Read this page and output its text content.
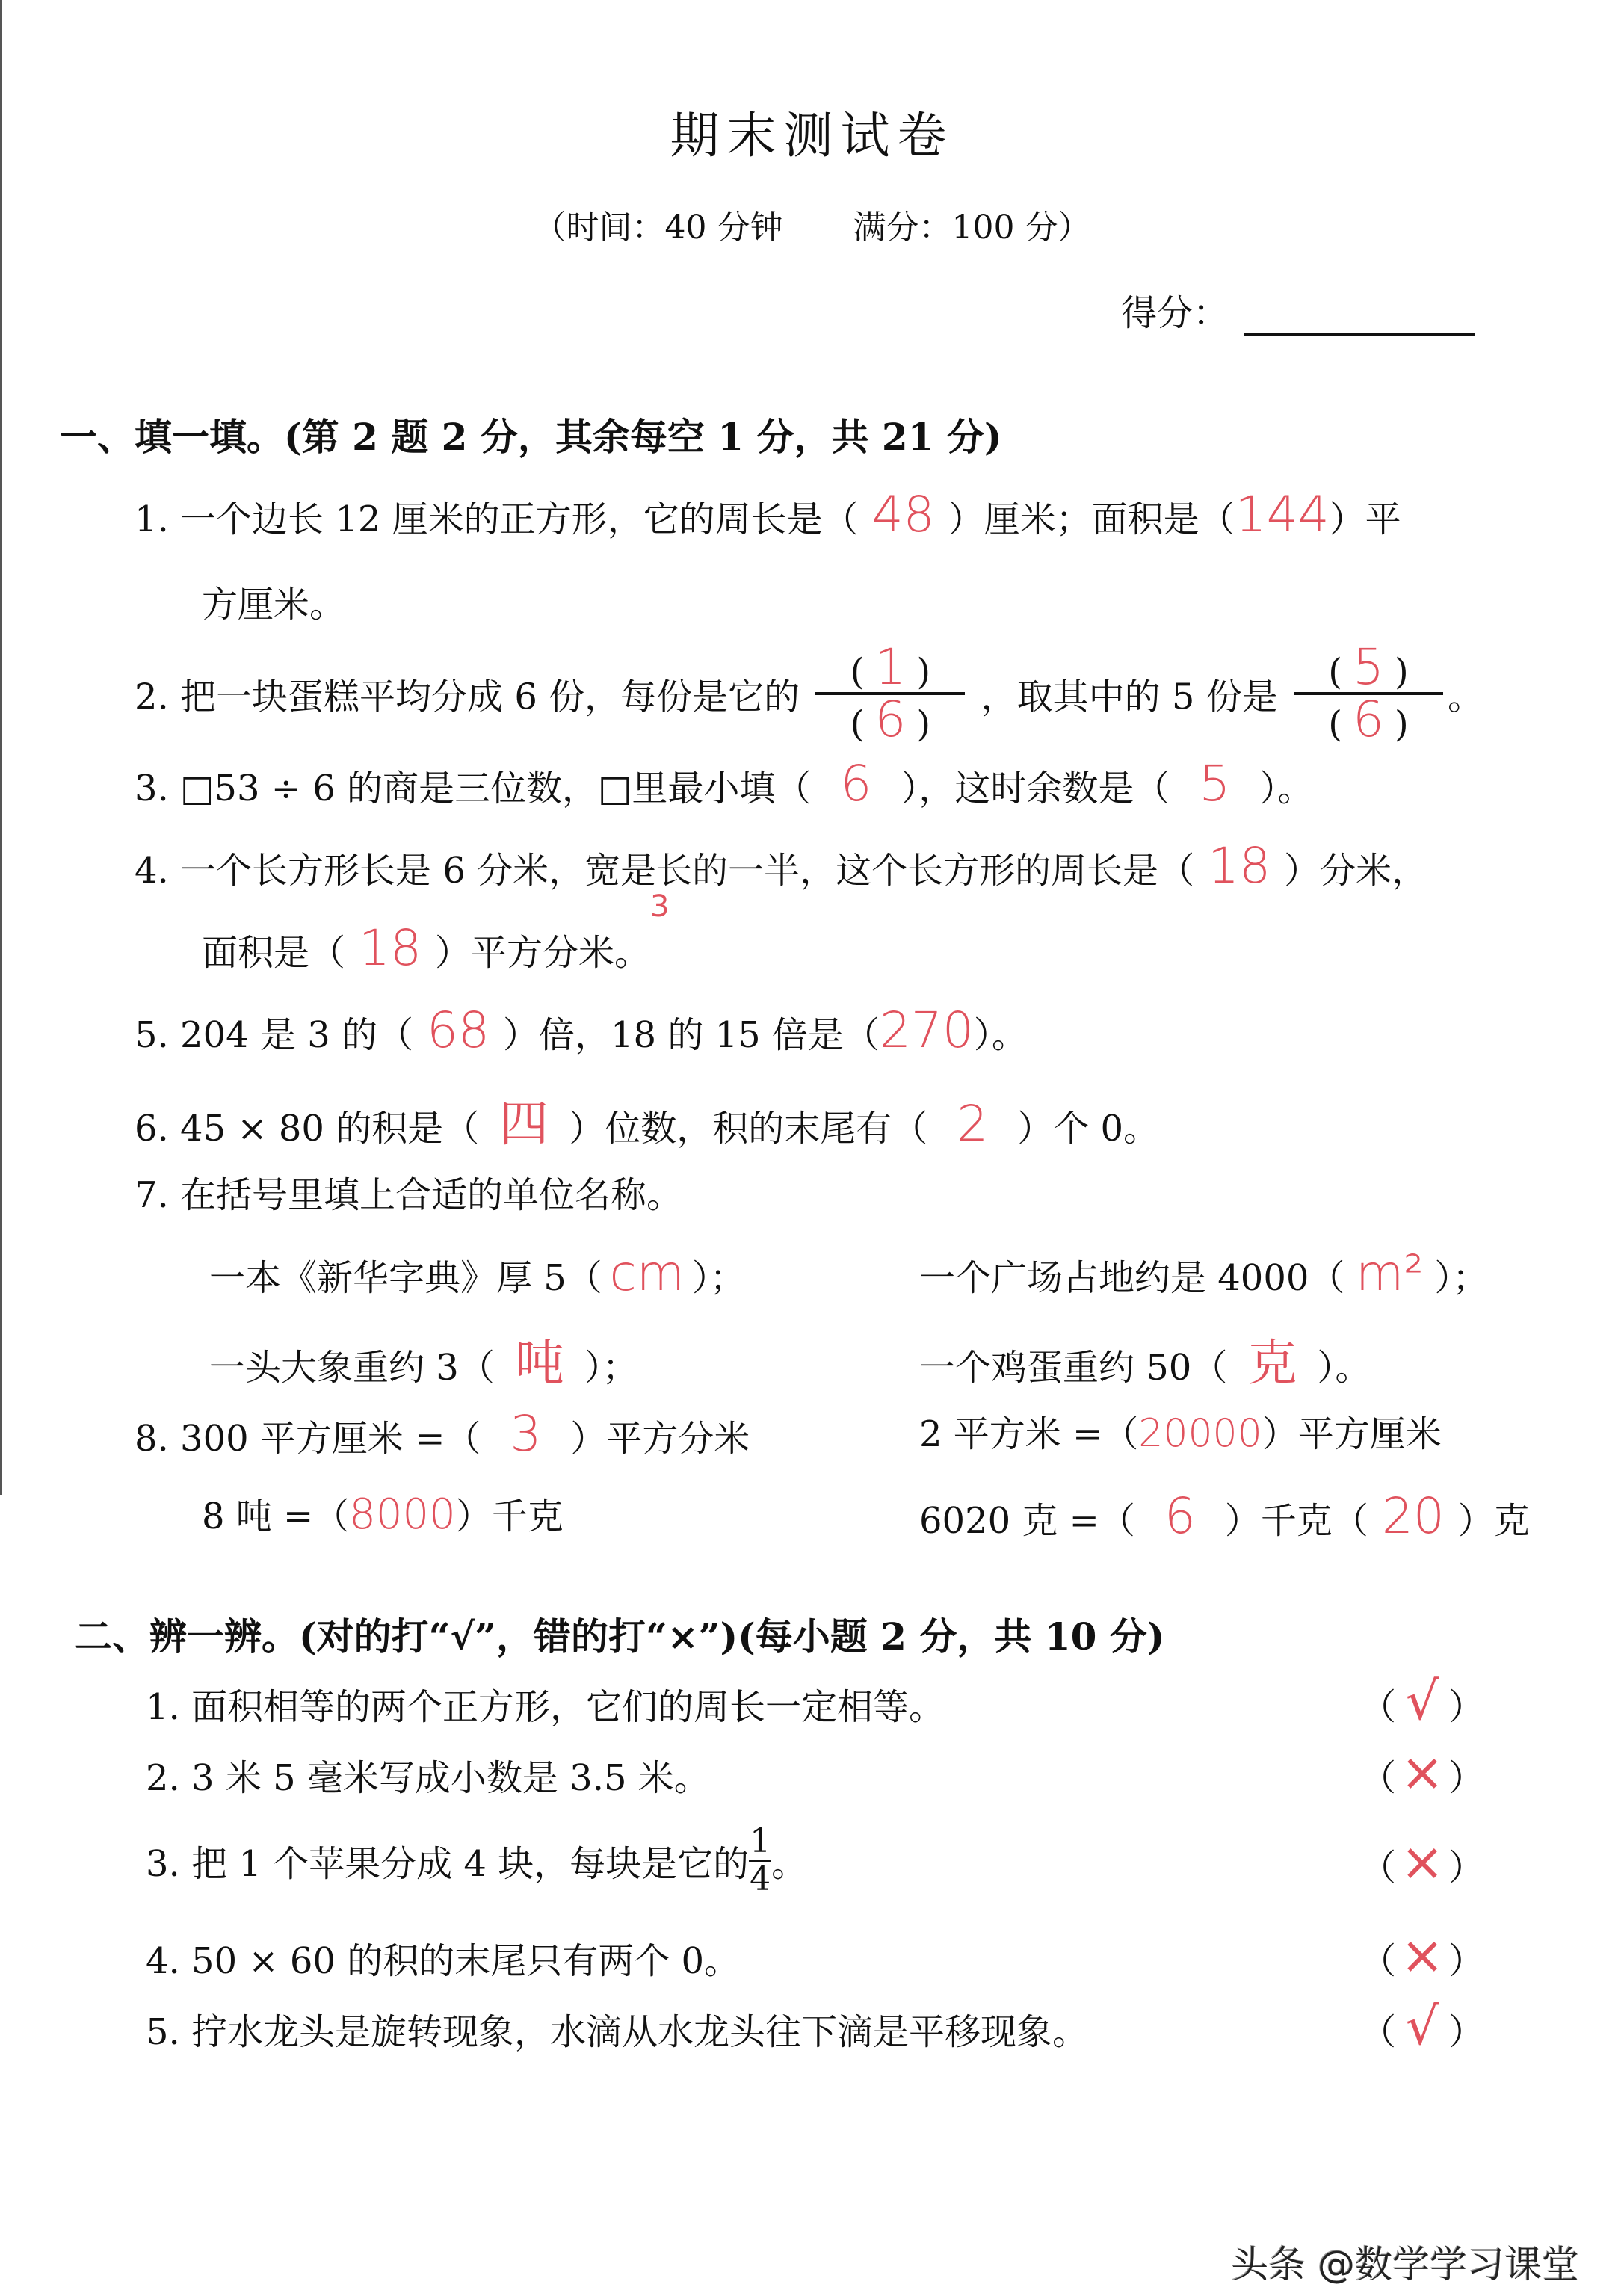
期末测试卷
（时间：40 分钟 满分：100 分）
得分：
一、填一填。(第 2 题 2 分，其余每空 1 分，共 21 分)
1. 一个边长 12 厘米的正方形，它的周长是（ 48 ）厘米；面积是（144）平
方厘米。
2. 把一块蛋糕平均分成 6 份，每份是它的 $\frac{( 1 )}{( 6 )}$ ，取其中的 5 份是 $\frac{( 5 )}{( 6 )}$ 。
3. □53 ÷ 6 的商是三位数，□里最小填（ 6 ），这时余数是（ 5 ）。
4. 一个长方形长是 6 分米，宽是长的一半，这个长方形的周长是（ 18 ）分米，
面积是（ 18 ）平方分米。
3
5. 204 是 3 的（ 68 ）倍，18 的 15 倍是（270）。
6. 45 × 80 的积是（ 四 ）位数，积的末尾有（ 2 ）个 0。
7. 在括号里填上合适的单位名称。
一本《新华字典》厚 5（ cm ）；	一个广场占地约是 4000（ m² ）；
一头大象重约 3（ 吨 ）；	一个鸡蛋重约 50（ 克 ）。
8. 300 平方厘米 =（ 3 ）平方分米	2 平方米 =（20000）平方厘米
8 吨 =（8000）千克	6020 克 =（ 6 ）千克（ 20 ）克
二、辨一辨。(对的打“√”，错的打“×”)(每小题 2 分，共 10 分)
1. 面积相等的两个正方形，它们的周长一定相等。	（ √ ）
2. 3 米 5 毫米写成小数是 3.5 米。	（× ）
3. 把 1 个苹果分成 4 块，每块是它的$\frac{1}{4}$。	（× ）
4. 50 × 60 的积的末尾只有两个 0。	（× ）
5. 拧水龙头是旋转现象，水滴从水龙头往下滴是平移现象。	（ √ ）
头条 @数学学习课堂
